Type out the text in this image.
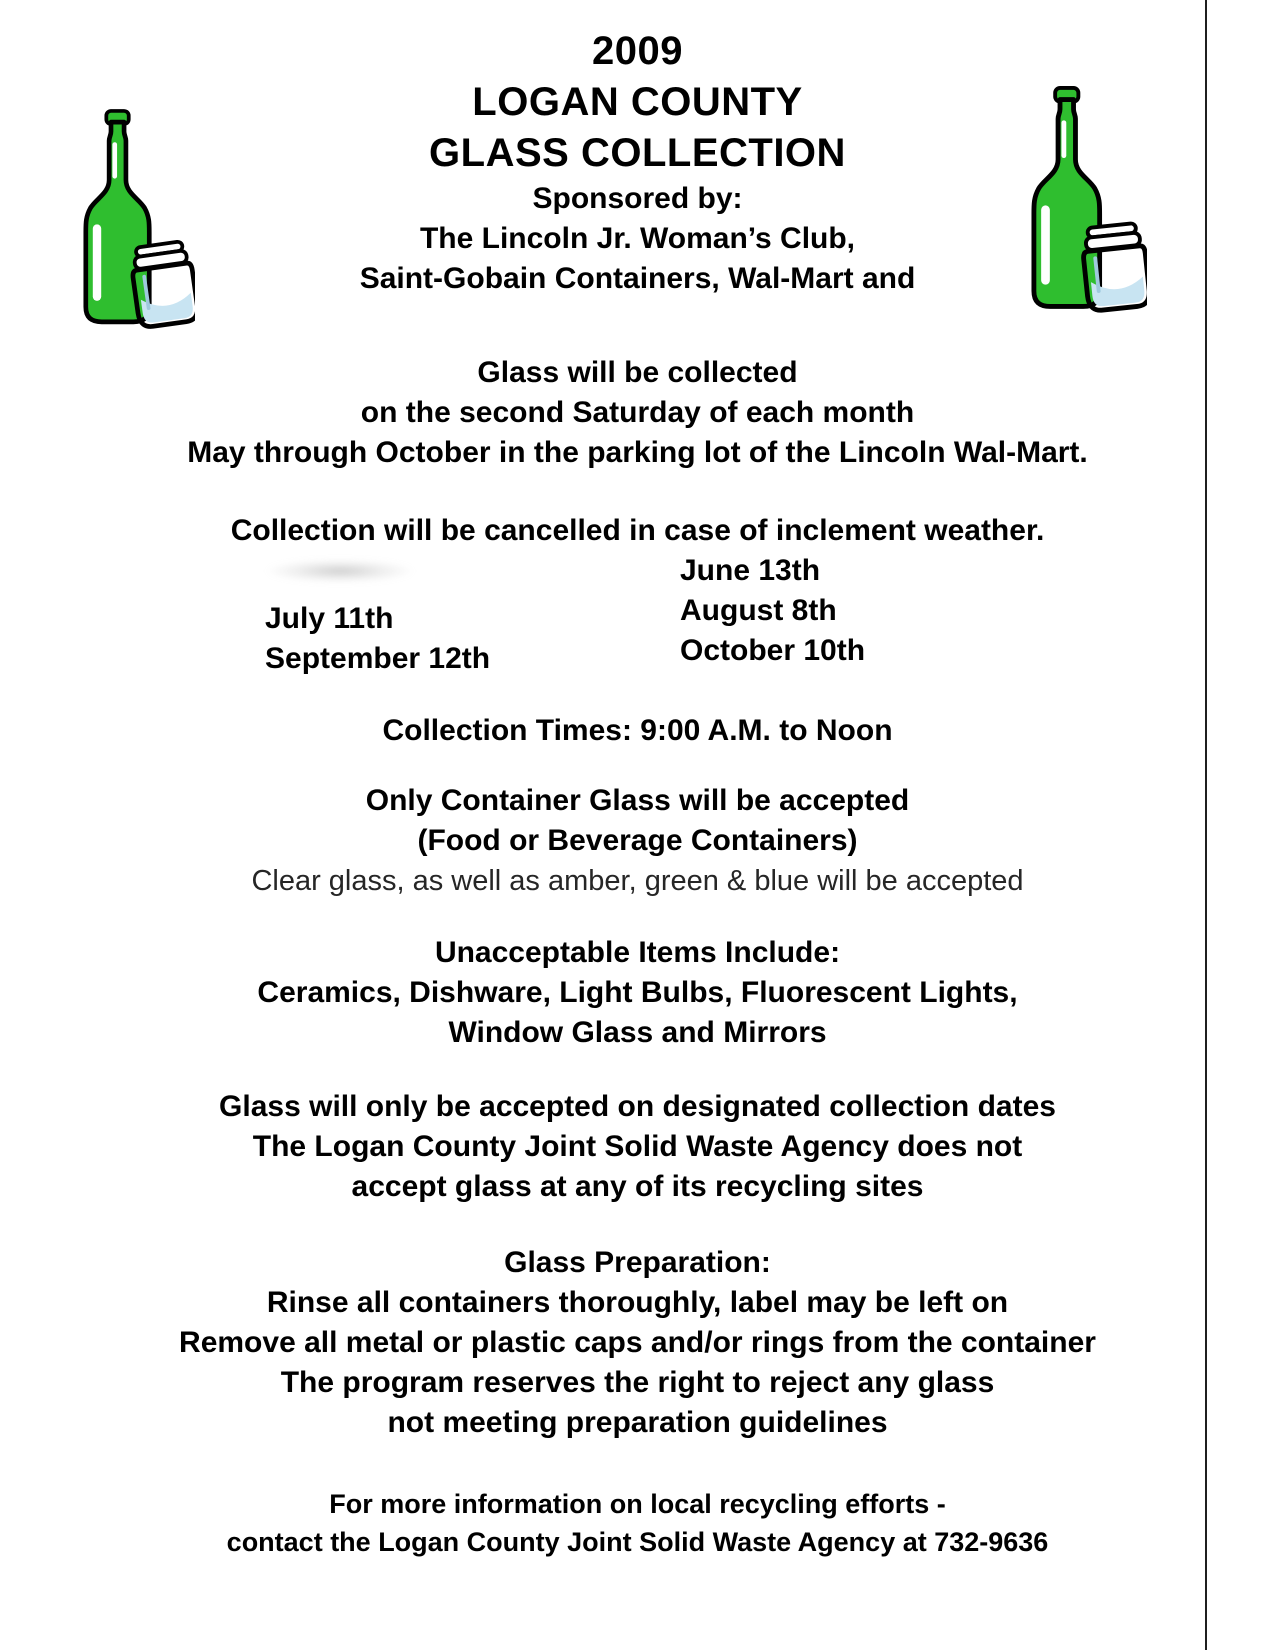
2009
LOGAN COUNTY
GLASS COLLECTION
Sponsored by:
The Lincoln Jr. Woman’s Club,
Saint-Gobain Containers, Wal-Mart and
Glass will be collected
on the second Saturday of each month
May through October in the parking lot of the Lincoln Wal-Mart.
Collection will be cancelled in case of inclement weather.
July 11th
September 12th
June 13th
August 8th
October 10th
Collection Times: 9:00 A.M. to Noon
Only Container Glass will be accepted
(Food or Beverage Containers)
Clear glass, as well as amber, green & blue will be accepted
Unacceptable Items Include:
Ceramics, Dishware, Light Bulbs, Fluorescent Lights,
Window Glass and Mirrors
Glass will only be accepted on designated collection dates
The Logan County Joint Solid Waste Agency does not
accept glass at any of its recycling sites
Glass Preparation:
Rinse all containers thoroughly, label may be left on
Remove all metal or plastic caps and/or rings from the container
The program reserves the right to reject any glass
not meeting preparation guidelines
For more information on local recycling efforts -
contact the Logan County Joint Solid Waste Agency at 732-9636
